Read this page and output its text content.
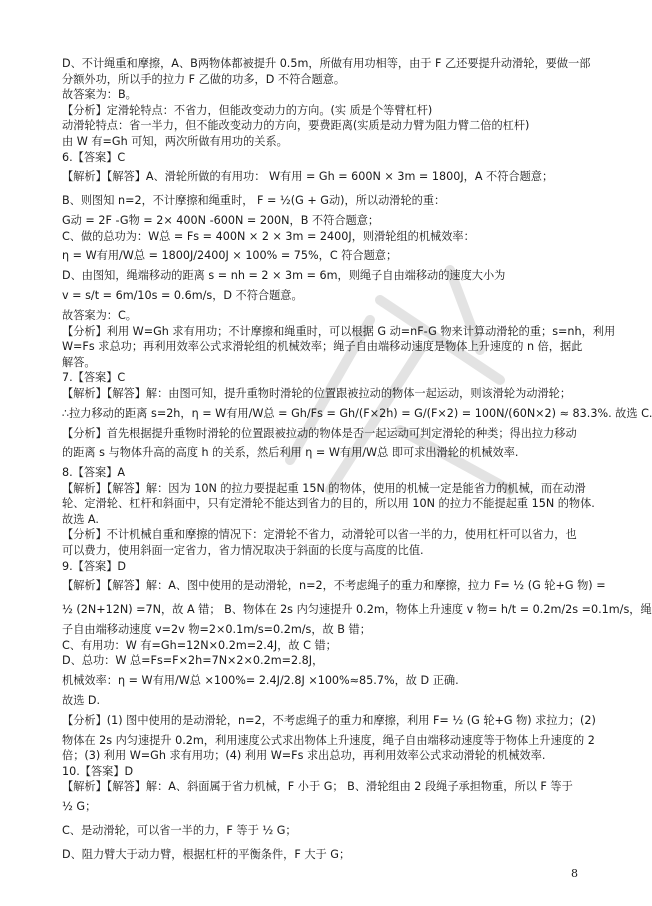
D、不计绳重和摩擦，A、B两物体都被提升 0.5m，所做有用功相等，由于 F 乙还要提升动滑轮，要做一部
分额外功，所以手的拉力 F 乙做的功多，D 不符合题意。
故答案为：B。
【分析】定滑轮特点：不省力，但能改变动力的方向。(实 质是个等臂杠杆)
动滑轮特点：省一半力，但不能改变动力的方向，要费距离(实质是动力臂为阻力臂二倍的杠杆)
由 W 有=Gh 可知，两次所做有用功的关系。
6.【答案】C
【解析】【解答】A、滑轮所做的有用功： W有用 = Gh = 600N × 3m = 1800J，A 不符合题意；
B、则图知 n=2，不计摩擦和绳重时， F = ½(G + G动)，所以动滑轮的重：
G动 = 2F -G物 = 2× 400N -600N = 200N，B 不符合题意；
C、做的总功为：W总 = Fs = 400N × 2 × 3m = 2400J，则滑轮组的机械效率：
η = W有用/W总 = 1800J/2400J × 100% = 75%，C 符合题意；
D、由图知，绳端移动的距离 s = nh = 2 × 3m = 6m，则绳子自由端移动的速度大小为
v = s/t = 6m/10s = 0.6m/s，D 不符合题意。
故答案为：C。
【分析】利用 W=Gh 求有用功；不计摩擦和绳重时，可以根据 G 动=nF-G 物来计算动滑轮的重；s=nh，利用
W=Fs 求总功；再利用效率公式求滑轮组的机械效率；绳子自由端移动速度是物体上升速度的 n 倍，据此
解答。
7.【答案】C
【解析】【解答】解：由图可知，提升重物时滑轮的位置跟被拉动的物体一起运动，则该滑轮为动滑轮；
∴拉力移动的距离 s=2h，η = W有用/W总 = Gh/Fs = Gh/(F×2h) = G/(F×2) = 100N/(60N×2) ≈ 83.3%. 故选 C.
【分析】首先根据提升重物时滑轮的位置跟被拉动的物体是否一起运动可判定滑轮的种类；得出拉力移动
的距离 s 与物体升高的高度 h 的关系，然后利用 η = W有用/W总 即可求出滑轮的机械效率.
8.【答案】A
【解析】【解答】解：因为 10N 的拉力要提起重 15N 的物体，使用的机械一定是能省力的机械，而在动滑
轮、定滑轮、杠杆和斜面中，只有定滑轮不能达到省力的目的，所以用 10N 的拉力不能提起重 15N 的物体.
故选 A.
【分析】不计机械自重和摩擦的情况下：定滑轮不省力，动滑轮可以省一半的力，使用杠杆可以省力，也
可以费力，使用斜面一定省力，省力情况取决于斜面的长度与高度的比值.
9.【答案】D
【解析】【解答】解：A、图中使用的是动滑轮，n=2，不考虑绳子的重力和摩擦，拉力 F= ½ (G 轮+G 物) =
½ (2N+12N) =7N，故 A 错； B、物体在 2s 内匀速提升 0.2m，物体上升速度 v 物= h/t = 0.2m/2s =0.1m/s，绳
子自由端移动速度 v=2v 物=2×0.1m/s=0.2m/s，故 B 错；
C、有用功：W 有=Gh=12N×0.2m=2.4J，故 C 错；
D、总功：W 总=Fs=F×2h=7N×2×0.2m=2.8J，
机械效率：η = W有用/W总 ×100%= 2.4J/2.8J ×100%≈85.7%，故 D 正确.
故选 D.
【分析】(1) 图中使用的是动滑轮，n=2，不考虑绳子的重力和摩擦，利用 F= ½ (G 轮+G 物) 求拉力；(2)
物体在 2s 内匀速提升 0.2m，利用速度公式求出物体上升速度，绳子自由端移动速度等于物体上升速度的 2
倍；(3) 利用 W=Gh 求有用功；(4) 利用 W=Fs 求出总功，再利用效率公式求动滑轮的机械效率.
10.【答案】D
【解析】【解答】解：A、斜面属于省力机械，F 小于 G； B、滑轮组由 2 段绳子承担物重，所以 F 等于
½ G；
C、是动滑轮，可以省一半的力，F 等于 ½ G；
D、阻力臂大于动力臂，根据杠杆的平衡条件，F 大于 G；
8
